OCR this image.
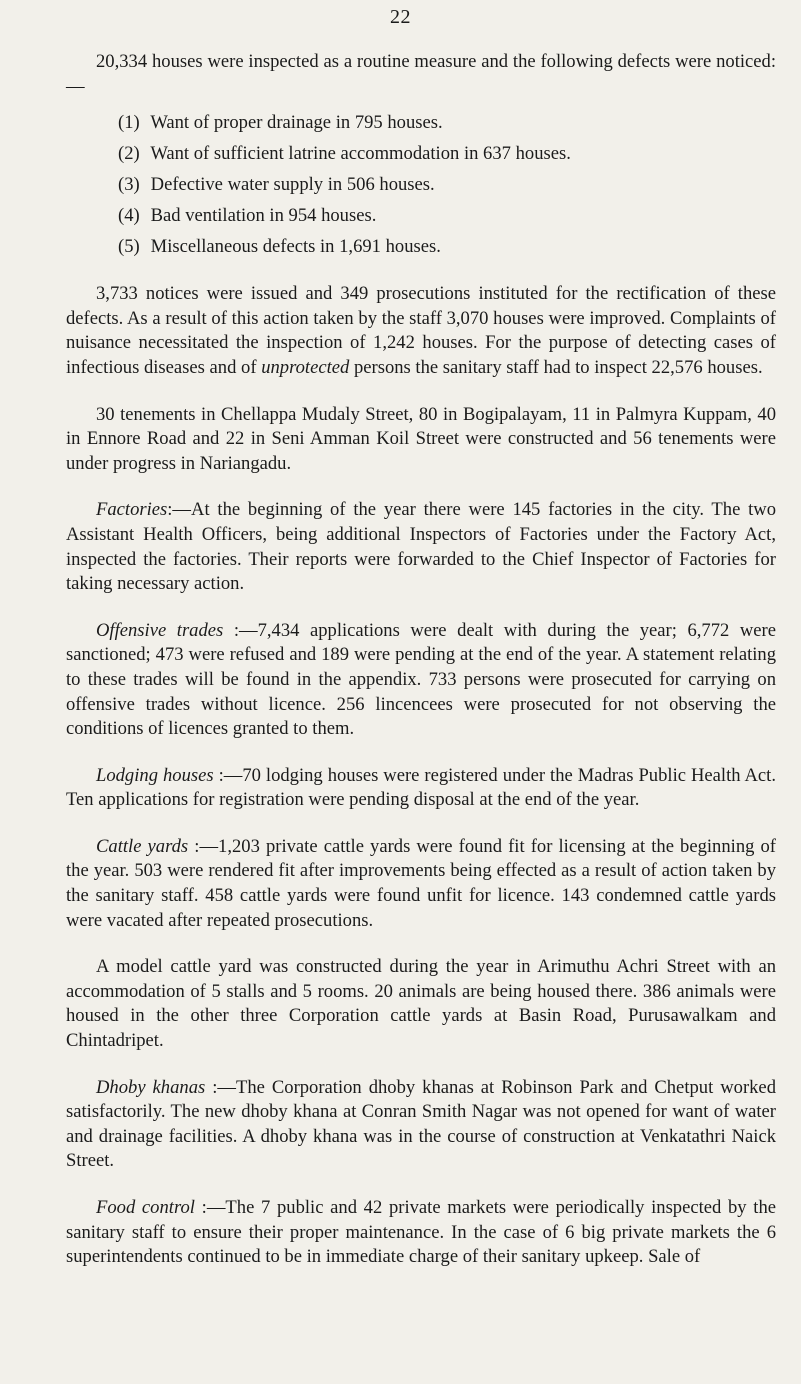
22

20,334 houses were inspected as a routine measure and the following defects were noticed:—

(1) Want of proper drainage in 795 houses.
(2) Want of sufficient latrine accommodation in 637 houses.
(3) Defective water supply in 506 houses.
(4) Bad ventilation in 954 houses.
(5) Miscellaneous defects in 1,691 houses.

3,733 notices were issued and 349 prosecutions instituted for the rectification of these defects. As a result of this action taken by the staff 3,070 houses were improved. Complaints of nuisance necessitated the inspection of 1,242 houses. For the purpose of detecting cases of infectious diseases and of unprotected persons the sanitary staff had to inspect 22,576 houses.

30 tenements in Chellappa Mudaly Street, 80 in Bogipalayam, 11 in Palmyra Kuppam, 40 in Ennore Road and 22 in Seni Amman Koil Street were constructed and 56 tenements were under progress in Nariangadu.

Factories:—At the beginning of the year there were 145 factories in the city. The two Assistant Health Officers, being additional Inspectors of Factories under the Factory Act, inspected the factories. Their reports were forwarded to the Chief Inspector of Factories for taking necessary action.

Offensive trades :—7,434 applications were dealt with during the year; 6,772 were sanctioned; 473 were refused and 189 were pending at the end of the year. A statement relating to these trades will be found in the appendix. 733 persons were prosecuted for carrying on offensive trades without licence. 256 lincencees were prosecuted for not observing the conditions of licences granted to them.

Lodging houses :—70 lodging houses were registered under the Madras Public Health Act. Ten applications for registration were pending disposal at the end of the year.

Cattle yards :—1,203 private cattle yards were found fit for licensing at the beginning of the year. 503 were rendered fit after improvements being effected as a result of action taken by the sanitary staff. 458 cattle yards were found unfit for licence. 143 condemned cattle yards were vacated after repeated prosecutions.

A model cattle yard was constructed during the year in Arimuthu Achri Street with an accommodation of 5 stalls and 5 rooms. 20 animals are being housed there. 386 animals were housed in the other three Corporation cattle yards at Basin Road, Purusawalkam and Chintadripet.

Dhoby khanas :—The Corporation dhoby khanas at Robinson Park and Chetput worked satisfactorily. The new dhoby khana at Conran Smith Nagar was not opened for want of water and drainage facilities. A dhoby khana was in the course of construction at Venkatathri Naick Street.

Food control :—The 7 public and 42 private markets were periodically inspected by the sanitary staff to ensure their proper maintenance. In the case of 6 big private markets the 6 superintendents continued to be in immediate charge of their sanitary upkeep. Sale of
